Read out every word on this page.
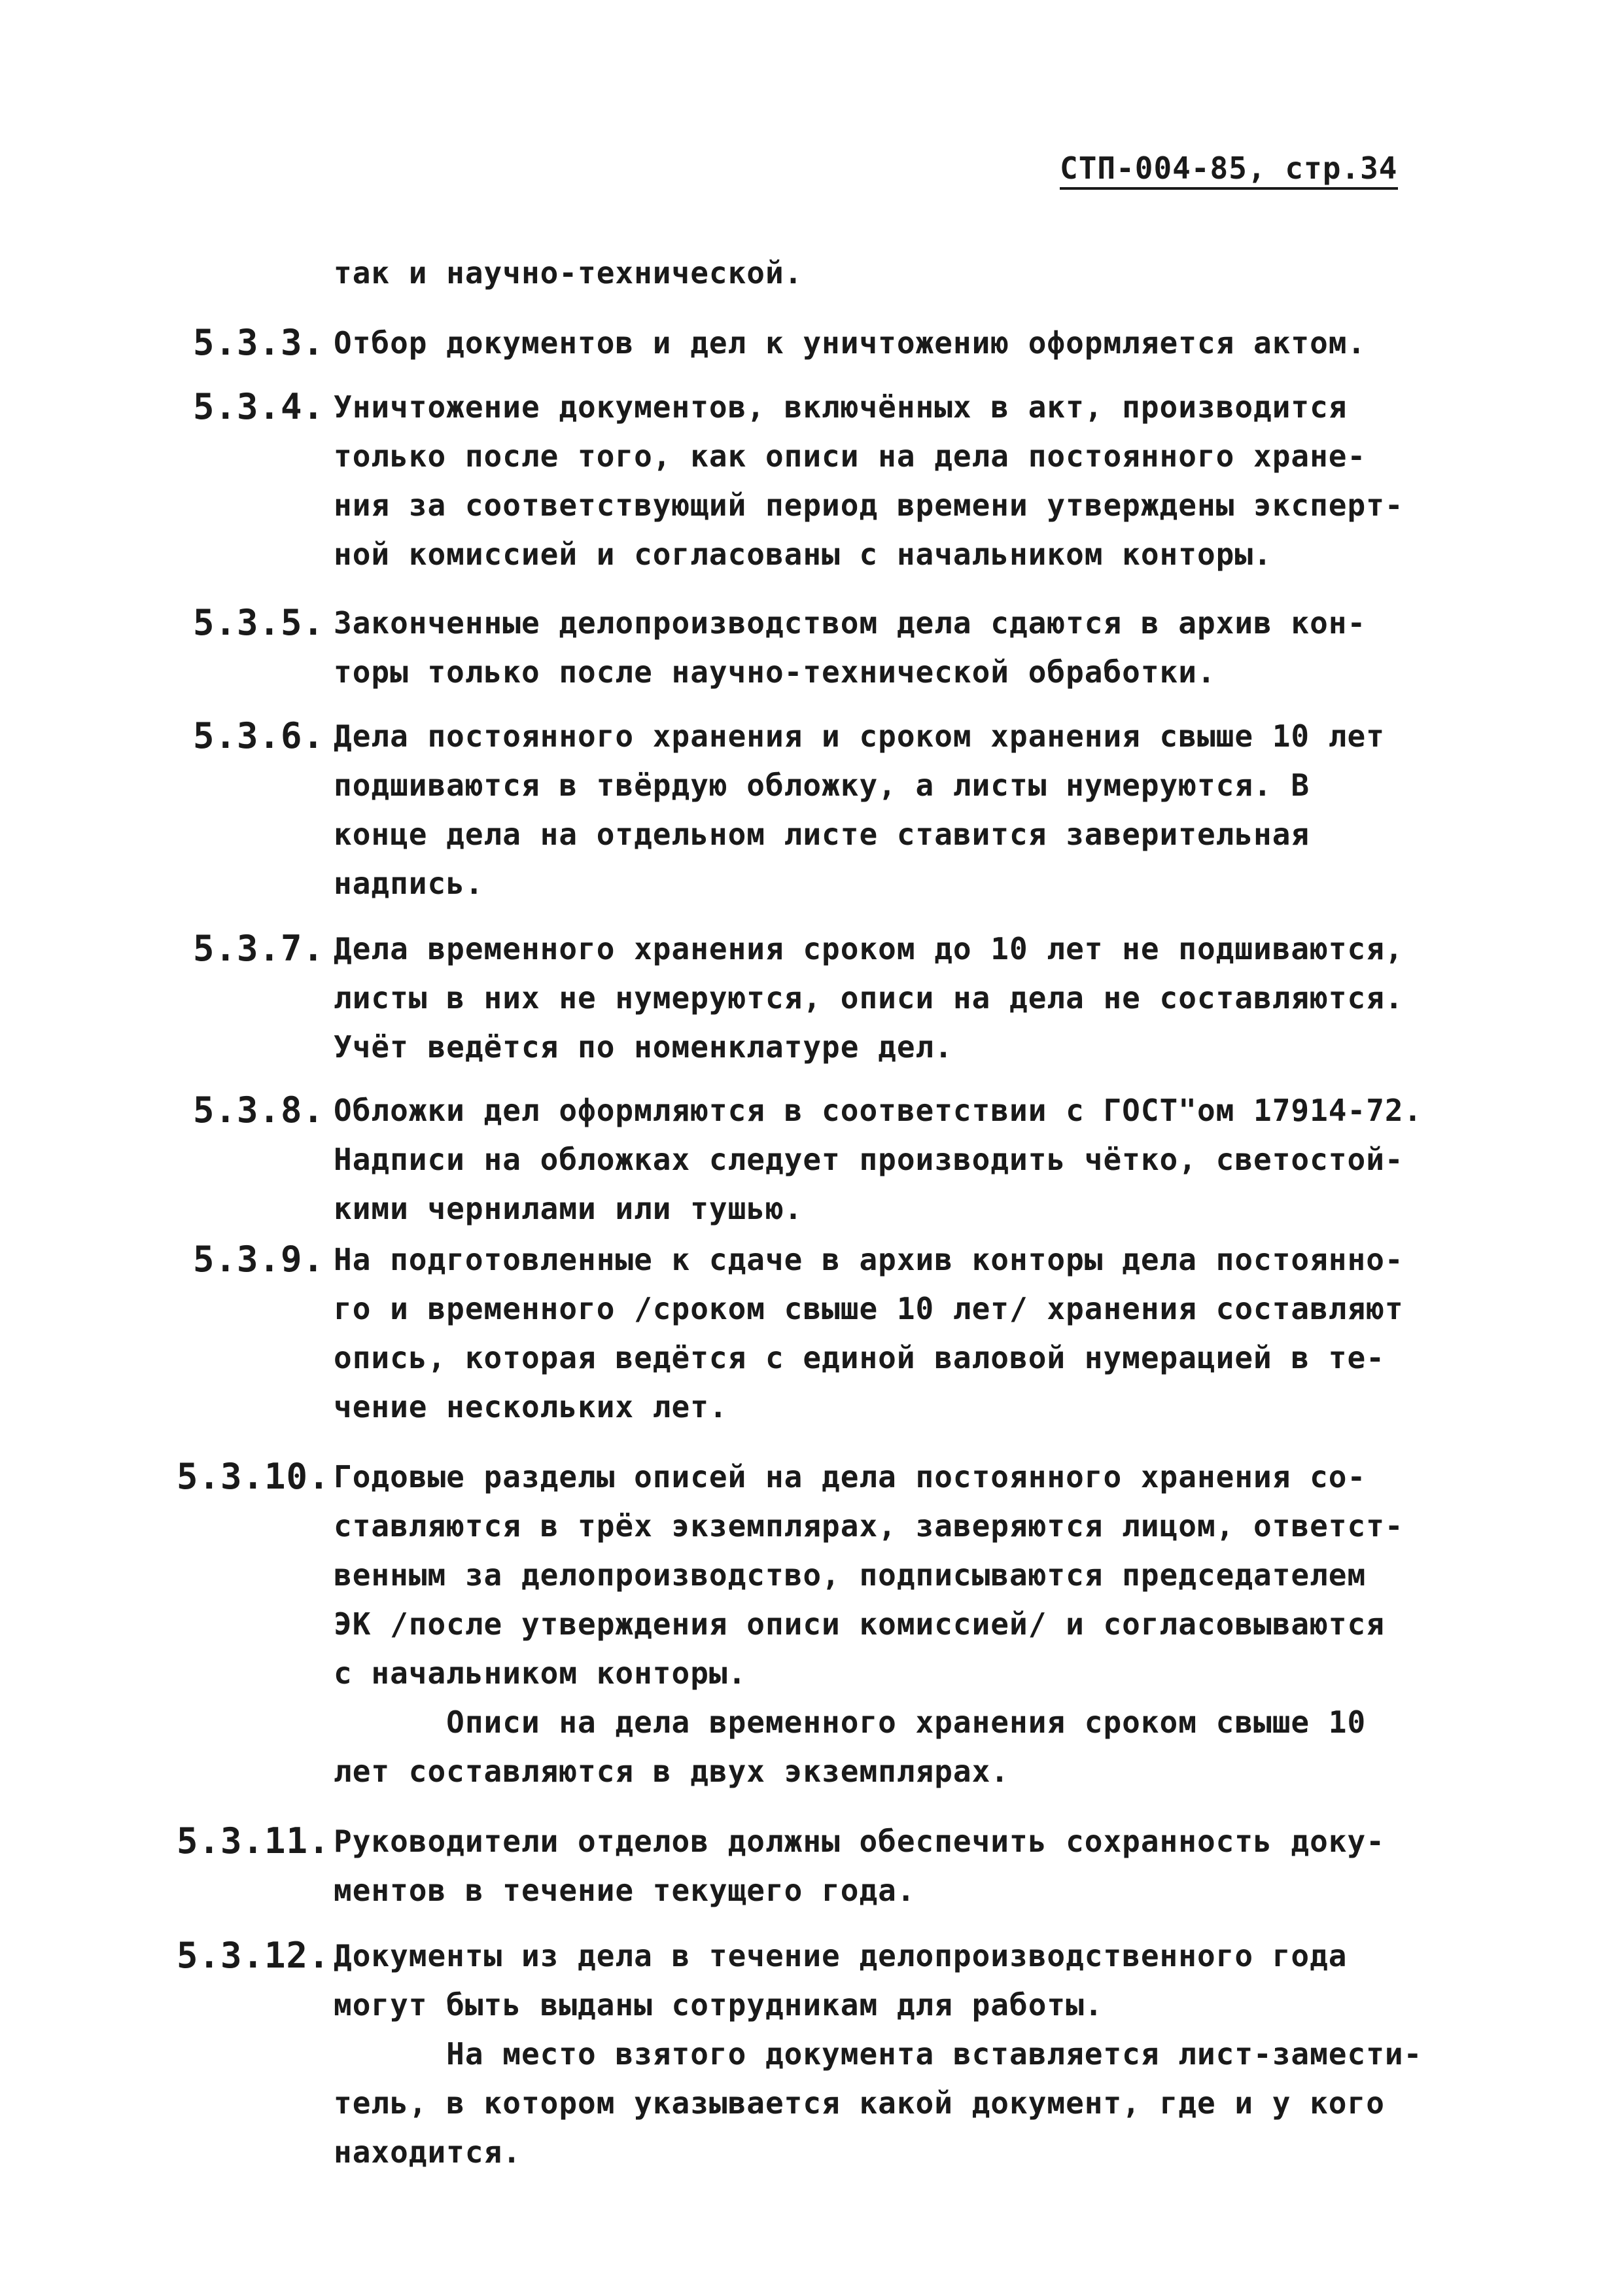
СТП-004-85, стр.34
так и научно-технической.
5.3.3. Отбор документов и дел к уничтожению оформляется актом.
5.3.4. Уничтожение документов, включённых в акт, производится
только после того, как описи на дела постоянного хране-
ния за соответствующий период времени утверждены эксперт-
ной комиссией и согласованы с начальником конторы.
5.3.5. Законченные делопроизводством дела сдаются в архив кон-
торы только после научно-технической обработки.
5.3.6. Дела постоянного хранения и сроком хранения свыше 10 лет
подшиваются в твёрдую обложку, а листы нумеруются. В
конце дела на отдельном листе ставится заверительная
надпись.
5.3.7. Дела временного хранения сроком до 10 лет не подшиваются,
листы в них не нумеруются, описи на дела не составляются.
Учёт ведётся по номенклатуре дел.
5.3.8. Обложки дел оформляются в соответствии с ГОСТ"ом 17914-72.
Надписи на обложках следует производить чётко, светостой-
кими чернилами или тушью.
5.3.9. На подготовленные к сдаче в архив конторы дела постоянно-
го и временного /сроком свыше 10 лет/ хранения составляют
опись, которая ведётся с единой валовой нумерацией в те-
чение нескольких лет.
5.3.10. Годовые разделы описей на дела постоянного хранения со-
ставляются в трёх экземплярах, заверяются лицом, ответст-
венным за делопроизводство, подписываются председателем
ЭК /после утверждения описи комиссией/ и согласовываются
с начальником конторы.
Описи на дела временного хранения сроком свыше 10
лет составляются в двух экземплярах.
5.3.11. Руководители отделов должны обеспечить сохранность доку-
ментов в течение текущего года.
5.3.12. Документы из дела в течение делопроизводственного года
могут быть выданы сотрудникам для работы.
На место взятого документа вставляется лист-замести-
тель, в котором указывается какой документ, где и у кого
находится.
